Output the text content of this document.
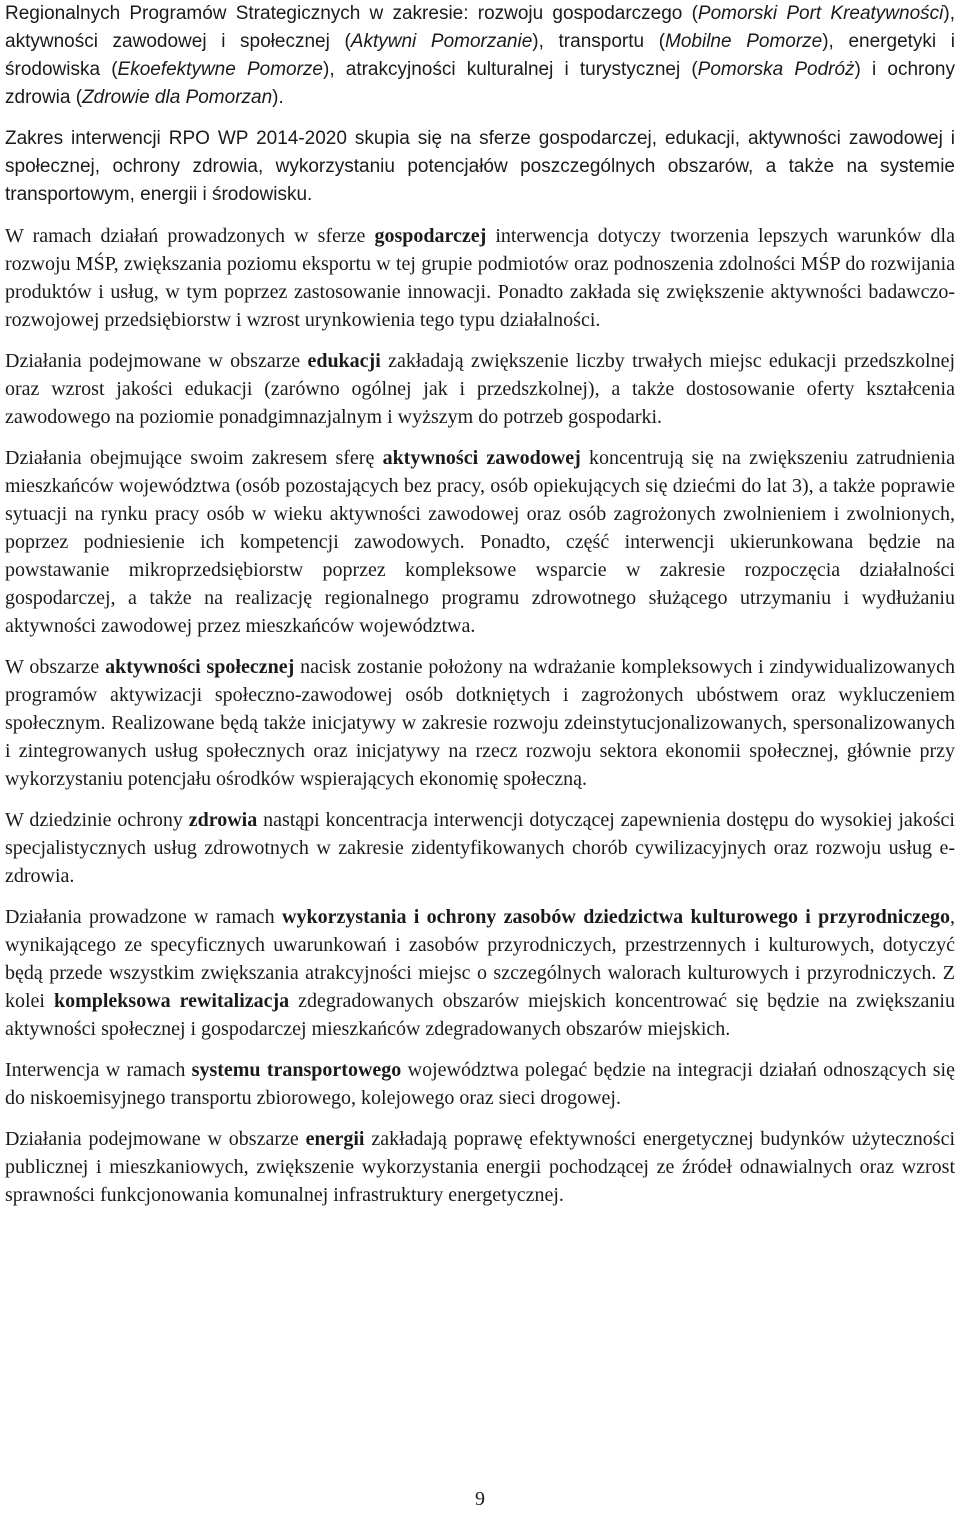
Regionalnych Programów Strategicznych w zakresie: rozwoju gospodarczego (Pomorski Port Kreatywności), aktywności zawodowej i społecznej (Aktywni Pomorzanie), transportu (Mobilne Pomorze), energetyki i środowiska (Ekoefektywne Pomorze), atrakcyjności kulturalnej i turystycznej (Pomorska Podróż) i ochrony zdrowia (Zdrowie dla Pomorzan).

Zakres interwencji RPO WP 2014-2020 skupia się na sferze gospodarczej, edukacji, aktywności zawodowej i społecznej, ochrony zdrowia, wykorzystaniu potencjałów poszczególnych obszarów, a także na systemie transportowym, energii i środowisku.

W ramach działań prowadzonych w sferze gospodarczej interwencja dotyczy tworzenia lepszych warunków dla rozwoju MŚP, zwiększania poziomu eksportu w tej grupie podmiotów oraz podnoszenia zdolności MŚP do rozwijania produktów i usług, w tym poprzez zastosowanie innowacji. Ponadto zakłada się zwiększenie aktywności badawczo-rozwojowej przedsiębiorstw i wzrost urynkowienia tego typu działalności.

Działania podejmowane w obszarze edukacji zakładają zwiększenie liczby trwałych miejsc edukacji przedszkolnej oraz wzrost jakości edukacji (zarówno ogólnej jak i przedszkolnej), a także dostosowanie oferty kształcenia zawodowego na poziomie ponadgimnazjalnym i wyższym do potrzeb gospodarki.

Działania obejmujące swoim zakresem sferę aktywności zawodowej koncentrują się na zwiększeniu zatrudnienia mieszkańców województwa (osób pozostających bez pracy, osób opiekujących się dziećmi do lat 3), a także poprawie sytuacji na rynku pracy osób w wieku aktywności zawodowej oraz osób zagrożonych zwolnieniem i zwolnionych, poprzez podniesienie ich kompetencji zawodowych. Ponadto, część interwencji ukierunkowana będzie na powstawanie mikroprzedsiębiorstw poprzez kompleksowe wsparcie w zakresie rozpoczęcia działalności gospodarczej, a także na realizację regionalnego programu zdrowotnego służącego utrzymaniu i wydłużaniu aktywności zawodowej przez mieszkańców województwa.

W obszarze aktywności społecznej nacisk zostanie położony na wdrażanie kompleksowych i zindywidualizowanych programów aktywizacji społeczno-zawodowej osób dotkniętych i zagrożonych ubóstwem oraz wykluczeniem społecznym. Realizowane będą także inicjatywy w zakresie rozwoju zdeinstytucjonalizowanych, spersonalizowanych i zintegrowanych usług społecznych oraz inicjatywy na rzecz rozwoju sektora ekonomii społecznej, głównie przy wykorzystaniu potencjału ośrodków wspierających ekonomię społeczną.

W dziedzinie ochrony zdrowia nastąpi koncentracja interwencji dotyczącej zapewnienia dostępu do wysokiej jakości specjalistycznych usług zdrowotnych w zakresie zidentyfikowanych chorób cywilizacyjnych oraz rozwoju usług e-zdrowia.

Działania prowadzone w ramach wykorzystania i ochrony zasobów dziedzictwa kulturowego i przyrodniczego, wynikającego ze specyficznych uwarunkowań i zasobów przyrodniczych, przestrzennych i kulturowych, dotyczyć będą przede wszystkim zwiększania atrakcyjności miejsc o szczególnych walorach kulturowych i przyrodniczych. Z kolei kompleksowa rewitalizacja zdegradowanych obszarów miejskich koncentrować się będzie na zwiększaniu aktywności społecznej i gospodarczej mieszkańców zdegradowanych obszarów miejskich.

Interwencja w ramach systemu transportowego województwa polegać będzie na integracji działań odnoszących się do niskoemisyjnego transportu zbiorowego, kolejowego oraz sieci drogowej.

Działania podejmowane w obszarze energii zakładają poprawę efektywności energetycznej budynków użyteczności publicznej i mieszkaniowych, zwiększenie wykorzystania energii pochodzącej ze źródeł odnawialnych oraz wzrost sprawności funkcjonowania komunalnej infrastruktury energetycznej.

9
